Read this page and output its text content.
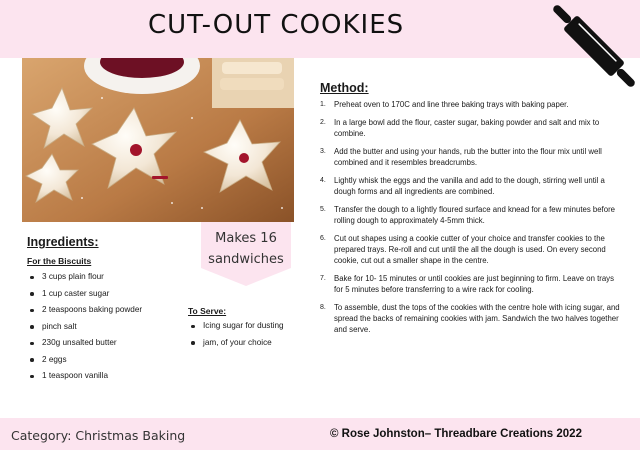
CUT-OUT COOKIES
Ingredients:
For the Biscuits
3 cups plain flour
1 cup caster sugar
2 teaspoons baking powder
pinch salt
230g unsalted butter
2 eggs
1 teaspoon vanilla
Makes 16
sandwiches
To Serve:
Icing sugar for dusting
jam, of your choice
Method:
1. Preheat oven to 170C and line three baking trays with baking paper.
2. In a large bowl add the flour, caster sugar, baking powder and salt and mix to combine.
3. Add the butter and using your hands, rub the butter into the flour mix until well combined and it resembles breadcrumbs.
4. Lightly whisk the eggs and the vanilla and add to the dough, stirring well until a dough forms and all ingredients are combined.
5. Transfer the dough to a lightly floured surface and knead for a few minutes before rolling dough to approximately 4-5mm thick.
6. Cut out shapes using a cookie cutter of your choice and transfer cookies to the prepared trays. Re-roll and cut until the all the dough is used. On every second cookie, cut out a smaller shape in the centre.
7. Bake for 10- 15 minutes or until cookies are just beginning to firm. Leave on trays for 5 minutes before transferring to a wire rack for cooling.
8. To assemble, dust the tops of the cookies with the centre hole with icing sugar, and spread the backs of remaining cookies with jam. Sandwich the two halves together and serve.
Category: Christmas Baking	© Rose Johnston– Threadbare Creations 2022
